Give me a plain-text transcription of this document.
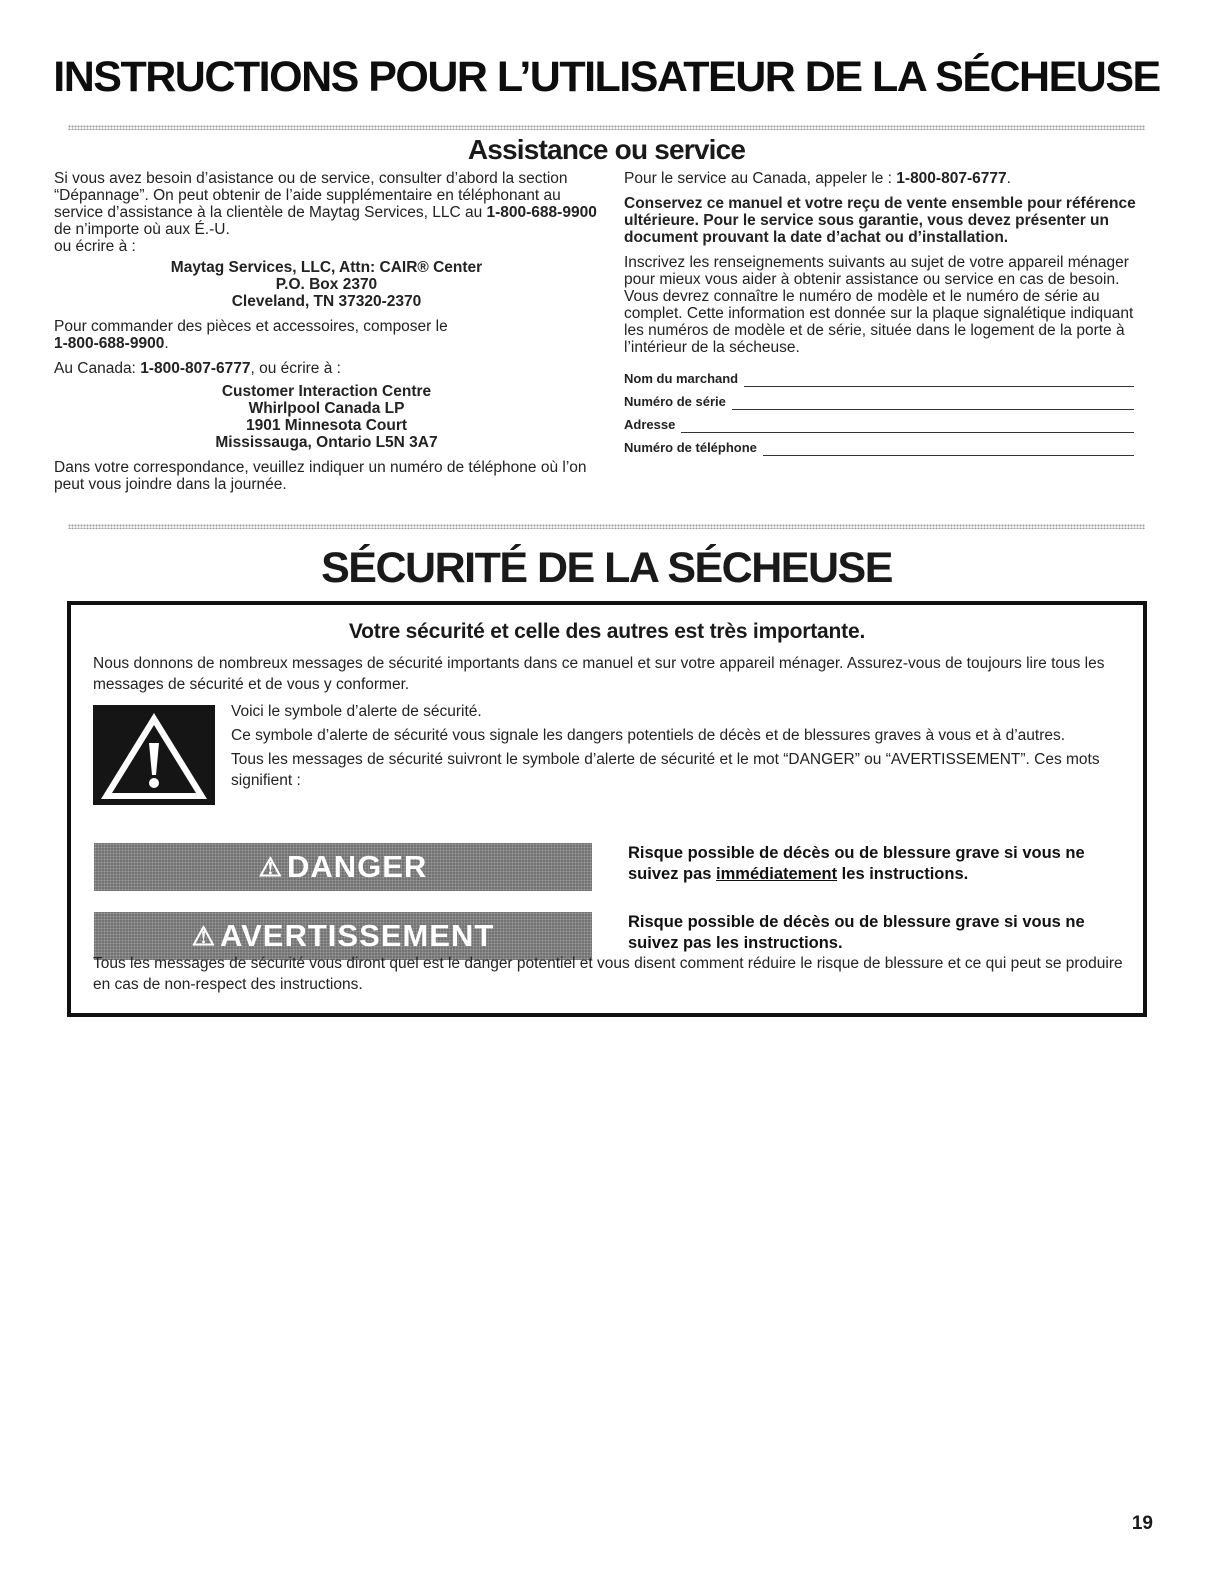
INSTRUCTIONS POUR L’UTILISATEUR DE LA SÉCHEUSE
Assistance ou service

Si vous avez besoin d’asistance ou de service, consulter d’abord la section “Dépannage”. On peut obtenir de l’aide supplémentaire en téléphonant au service d’assistance à la clientèle de Maytag Services, LLC au 1-800-688-9900 de n’importe où aux É.-U.
ou écrire à :

Maytag Services, LLC, Attn: CAIR® Center
P.O. Box 2370
Cleveland, TN 37320-2370

Pour commander des pièces et accessoires, composer le
1-800-688-9900.

Au Canada: 1-800-807-6777, ou écrire à :

Customer Interaction Centre
Whirlpool Canada LP
1901 Minnesota Court
Mississauga, Ontario L5N 3A7

Dans votre correspondance, veuillez indiquer un numéro de téléphone où l’on peut vous joindre dans la journée.

Pour le service au Canada, appeler le : 1-800-807-6777.

Conservez ce manuel et votre reçu de vente ensemble pour référence ultérieure. Pour le service sous garantie, vous devez présenter un document prouvant la date d’achat ou d’installation.

Inscrivez les renseignements suivants au sujet de votre appareil ménager pour mieux vous aider à obtenir assistance ou service en cas de besoin. Vous devrez connaître le numéro de modèle et le numéro de série au complet. Cette information est donnée sur la plaque signalétique indiquant les numéros de modèle et de série, située dans le logement de la porte à l’intérieur de la sécheuse.

Nom du marchand
Numéro de série
Adresse
Numéro de téléphone
SÉCURITÉ DE LA SÉCHEUSE
Votre sécurité et celle des autres est très importante.
Nous donnons de nombreux messages de sécurité importants dans ce manuel et sur votre appareil ménager. Assurez-vous de toujours lire tous les messages de sécurité et de vous y conformer.
Voici le symbole d’alerte de sécurité.
Ce symbole d’alerte de sécurité vous signale les dangers potentiels de décès et de blessures graves à vous et à d’autres.
Tous les messages de sécurité suivront le symbole d’alerte de sécurité et le mot “DANGER” ou “AVERTISSEMENT”. Ces mots signifient :
⚠ DANGER	Risque possible de décès ou de blessure grave si vous ne suivez pas immédiatement les instructions.
⚠ AVERTISSEMENT	Risque possible de décès ou de blessure grave si vous ne suivez pas les instructions.
Tous les messages de sécurité vous diront quel est le danger potentiel et vous disent comment réduire le risque de blessure et ce qui peut se produire en cas de non-respect des instructions.
19
